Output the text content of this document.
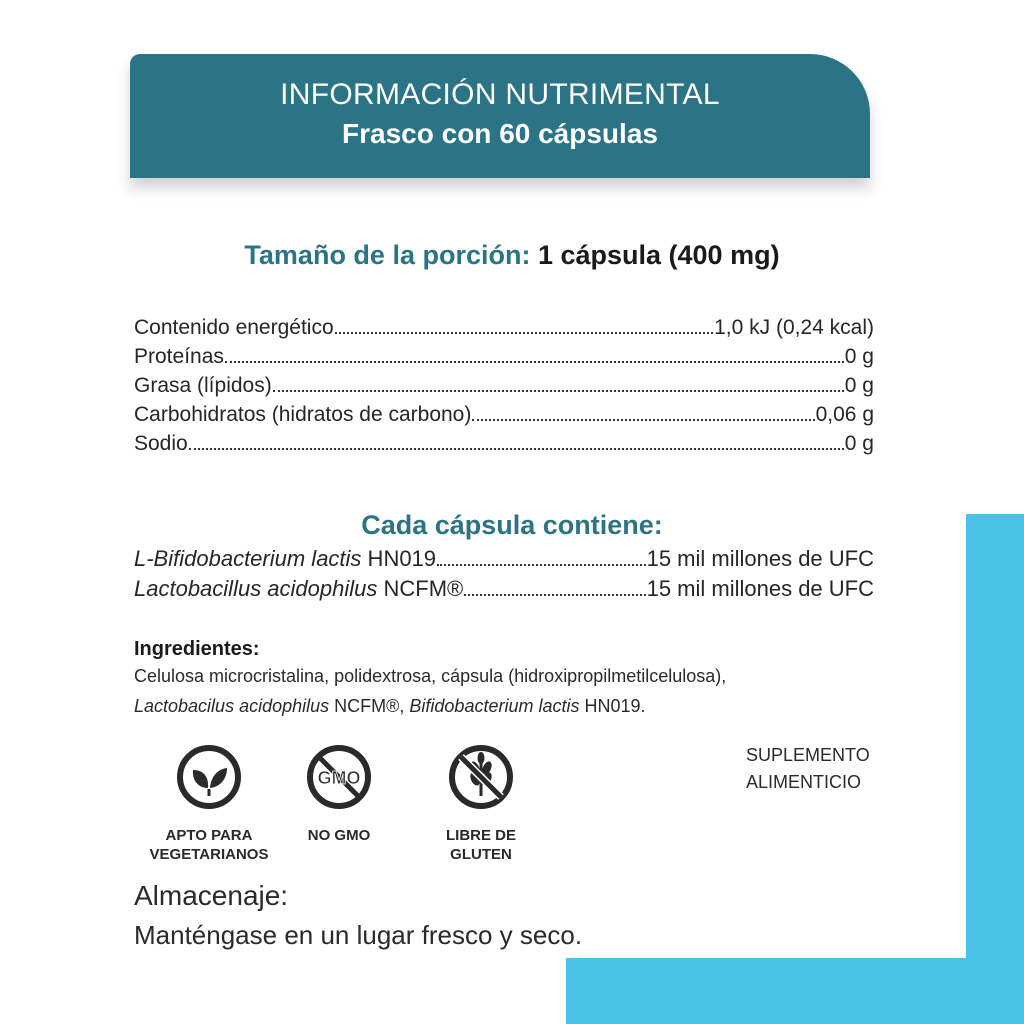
INFORMACIÓN NUTRIMENTAL
Frasco con 60 cápsulas
Tamaño de la porción: 1 cápsula (400 mg)
Contenido energético	1,0 kJ (0,24 kcal)
Proteínas	0 g
Grasa (lípidos)	0 g
Carbohidratos (hidratos de carbono)	0,06 g
Sodio	0 g
Cada cápsula contiene:
L-Bifidobacterium lactis HN019	15 mil millones de UFC
Lactobacillus acidophilus NCFM®	15 mil millones de UFC
Ingredientes:
Celulosa microcristalina, polidextrosa, cápsula (hidroxipropilmetilcelulosa),
Lactobacilus acidophilus NCFM®, Bifidobacterium lactis HN019.
SUPLEMENTO
ALIMENTICIO
APTO PARA
VEGETARIANOS
GMO
NO GMO	LIBRE DE
GLUTEN
Almacenaje:
Manténgase en un lugar fresco y seco.
